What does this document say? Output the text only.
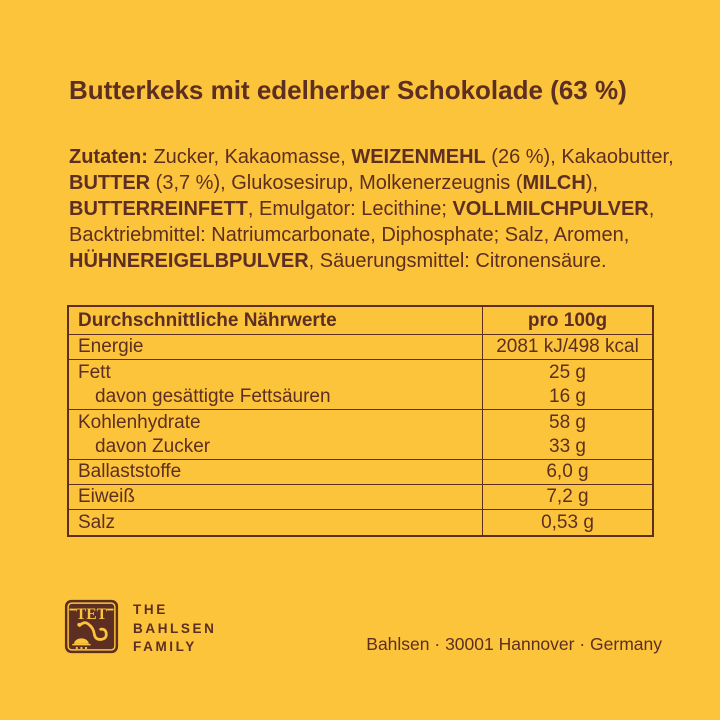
Butterkeks mit edelherber Schokolade (63 %)
Zutaten: Zucker, Kakaomasse, WEIZENMEHL (26 %), Kakaobutter,
BUTTER (3,7 %), Glukosesirup, Molkenerzeugnis (MILCH),
BUTTERREINFETT, Emulgator: Lecithine; VOLLMILCHPULVER,
Backtriebmittel: Natriumcarbonate, Diphosphate; Salz, Aromen,
HÜHNEREIGELBPULVER, Säuerungsmittel: Citronensäure.
Durchschnittliche Nährwerte	pro 100g
Energie	2081 kJ/498 kcal
Fett	25 g
davon gesättigte Fettsäuren	16 g
Kohlenhydrate	58 g
davon Zucker	33 g
Ballaststoffe	6,0 g
Eiweiß	7,2 g
Salz	0,53 g
TET THE
BAHLSEN
FAMILY	Bahlsen · 30001 Hannover · Germany
